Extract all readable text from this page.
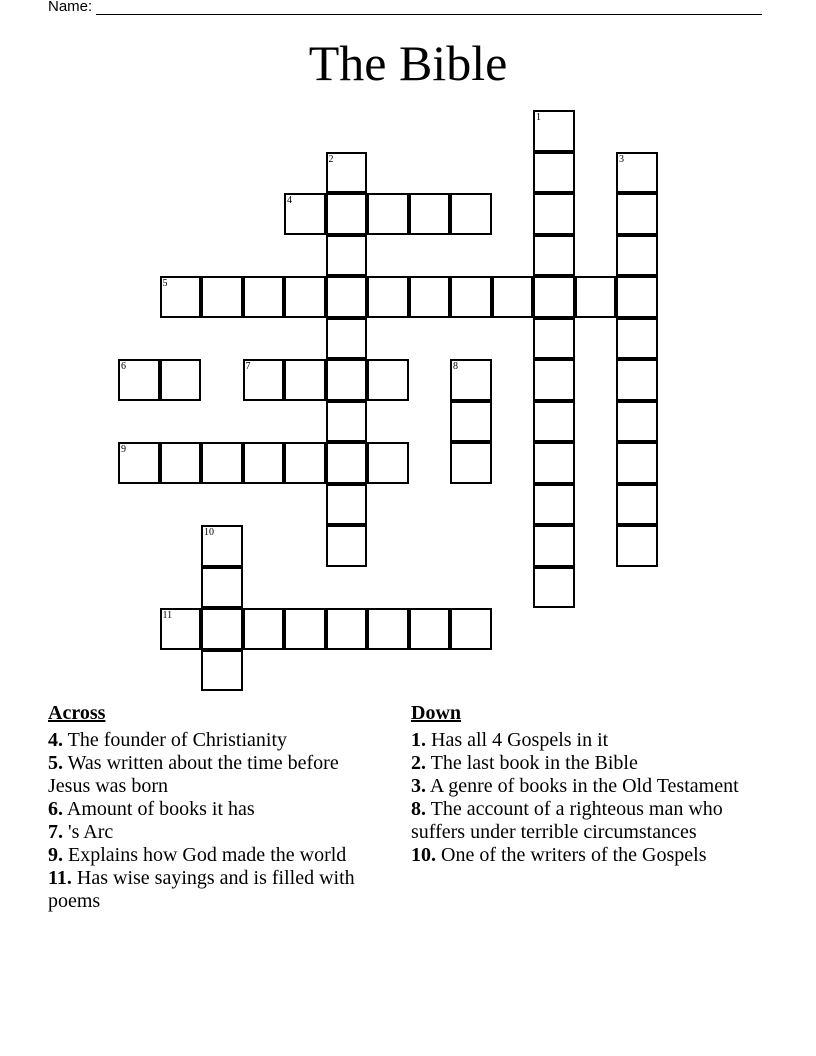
Name:
The Bible
1
2	3
4
5
6	7	8
9
10
11
Across
4. The founder of Christianity
5. Was written about the time before Jesus was born
6. Amount of books it has
7. 's Arc
9. Explains how God made the world
11. Has wise sayings and is filled with poems
Down
1. Has all 4 Gospels in it
2. The last book in the Bible
3. A genre of books in the Old Testament
8. The account of a righteous man who suffers under terrible circumstances
10. One of the writers of the Gospels
